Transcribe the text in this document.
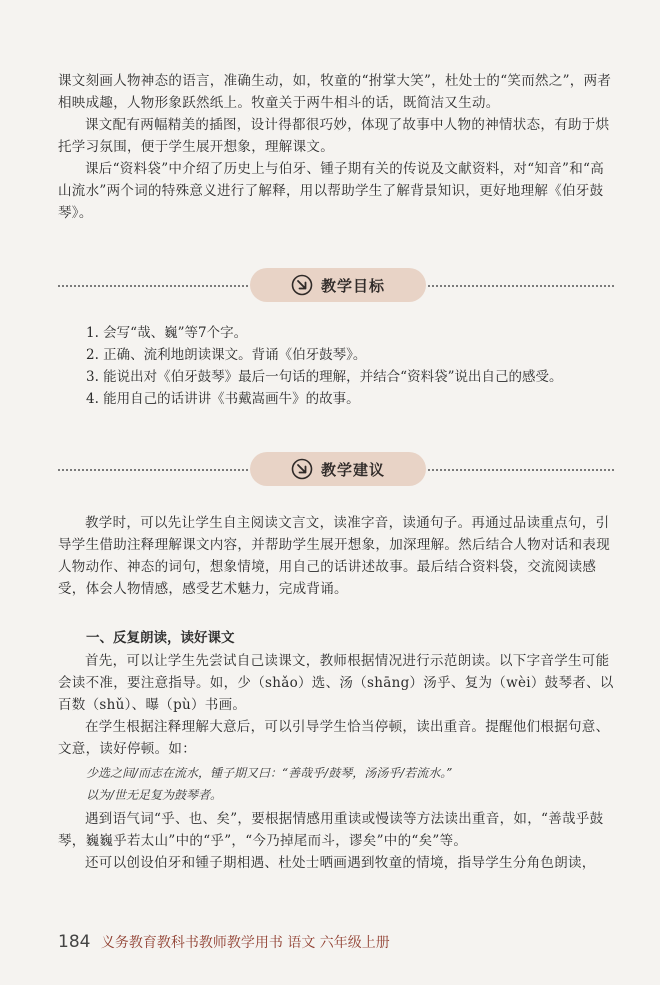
课文刻画人物神态的语言，准确生动，如，牧童的“拊掌大笑”，杜处士的“笑而然之”，两者相映成趣，人物形象跃然纸上。牧童关于两牛相斗的话，既简洁又生动。

课文配有两幅精美的插图，设计得都很巧妙，体现了故事中人物的神情状态，有助于烘托学习氛围，便于学生展开想象，理解课文。

课后“资料袋”中介绍了历史上与伯牙、锺子期有关的传说及文献资料，对“知音”和“高山流水”两个词的特殊意义进行了解释，用以帮助学生了解背景知识，更好地理解《伯牙鼓琴》。

教学目标
1. 会写“哉、巍”等7个字。
2. 正确、流利地朗读课文。背诵《伯牙鼓琴》。
3. 能说出对《伯牙鼓琴》最后一句话的理解，并结合“资料袋”说出自己的感受。
4. 能用自己的话讲讲《书戴嵩画牛》的故事。
教学建议

教学时，可以先让学生自主阅读文言文，读准字音，读通句子。再通过品读重点句，引导学生借助注释理解课文内容，并帮助学生展开想象，加深理解。然后结合人物对话和表现人物动作、神态的词句，想象情境，用自己的话讲述故事。最后结合资料袋，交流阅读感受，体会人物情感，感受艺术魅力，完成背诵。

一、反复朗读，读好课文

首先，可以让学生先尝试自己读课文，教师根据情况进行示范朗读。以下字音学生可能会读不准，要注意指导。如，少（shǎo）选、汤（shāng）汤乎、复为（wèi）鼓琴者、以百数（shǔ）、曝（pù）书画。

在学生根据注释理解大意后，可以引导学生恰当停顿，读出重音。提醒他们根据句意、文意，读好停顿。如：

少选之间/而志在流水，锺子期又曰：“善哉乎/鼓琴，汤汤乎/若流水。”
以为/世无足复为鼓琴者。

遇到语气词“乎、也、矣”，要根据情感用重读或慢读等方法读出重音，如，“善哉乎鼓琴，巍巍乎若太山”中的“乎”，“今乃掉尾而斗，谬矣”中的“矣”等。

还可以创设伯牙和锺子期相遇、杜处士晒画遇到牧童的情境，指导学生分角色朗读，

184 义务教育教科书教师教学用书 语文 六年级上册
